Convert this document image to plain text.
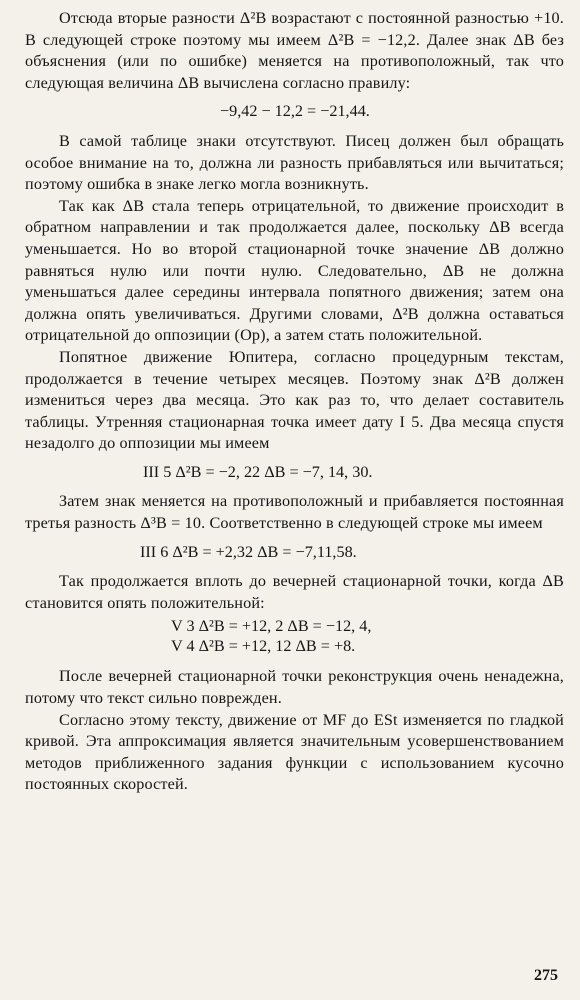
Отсюда вторые разности Δ²B возрастают с постоянной разностью +10. В следующей строке поэтому мы имеем Δ²B = −12,2. Далее знак ΔB без объяснения (или по ошибке) меняется на противоположный, так что следующая величина ΔB вычислена согласно правилу:

−9,42 − 12,2 = −21,44.

В самой таблице знаки отсутствуют. Писец должен был обращать особое внимание на то, должна ли разность прибавляться или вычитаться; поэтому ошибка в знаке легко могла возникнуть.

Так как ΔB стала теперь отрицательной, то движение происходит в обратном направлении и так продолжается далее, поскольку ΔB всегда уменьшается. Но во второй стационарной точке значение ΔB должно равняться нулю или почти нулю. Следовательно, ΔB не должна уменьшаться далее середины интервала попятного движения; затем она должна опять увеличиваться. Другими словами, Δ²B должна оставаться отрицательной до оппозиции (Op), а затем стать положительной.

Попятное движение Юпитера, согласно процедурным текстам, продолжается в течение четырех месяцев. Поэтому знак Δ²B должен измениться через два месяца. Это как раз то, что делает составитель таблицы. Утренняя стационарная точка имеет дату I 5. Два месяца спустя незадолго до оппозиции мы имеем

III 5 Δ²B = −2, 22 ΔB = −7, 14, 30.

Затем знак меняется на противоположный и прибавляется постоянная третья разность Δ³B = 10. Соответственно в следующей строке мы имеем

III 6 Δ²B = +2,32 ΔB = −7,11,58.

Так продолжается вплоть до вечерней стационарной точки, когда ΔB становится опять положительной:

V 3 Δ²B = +12, 2 ΔB = −12, 4,
V 4 Δ²B = +12, 12 ΔB = +8.

После вечерней стационарной точки реконструкция очень ненадежна, потому что текст сильно поврежден.

Согласно этому тексту, движение от MF до ESt изменяется по гладкой кривой. Эта аппроксимация является значительным усовершенствованием методов приближенного задания функции с использованием кусочно постоянных скоростей.

275
